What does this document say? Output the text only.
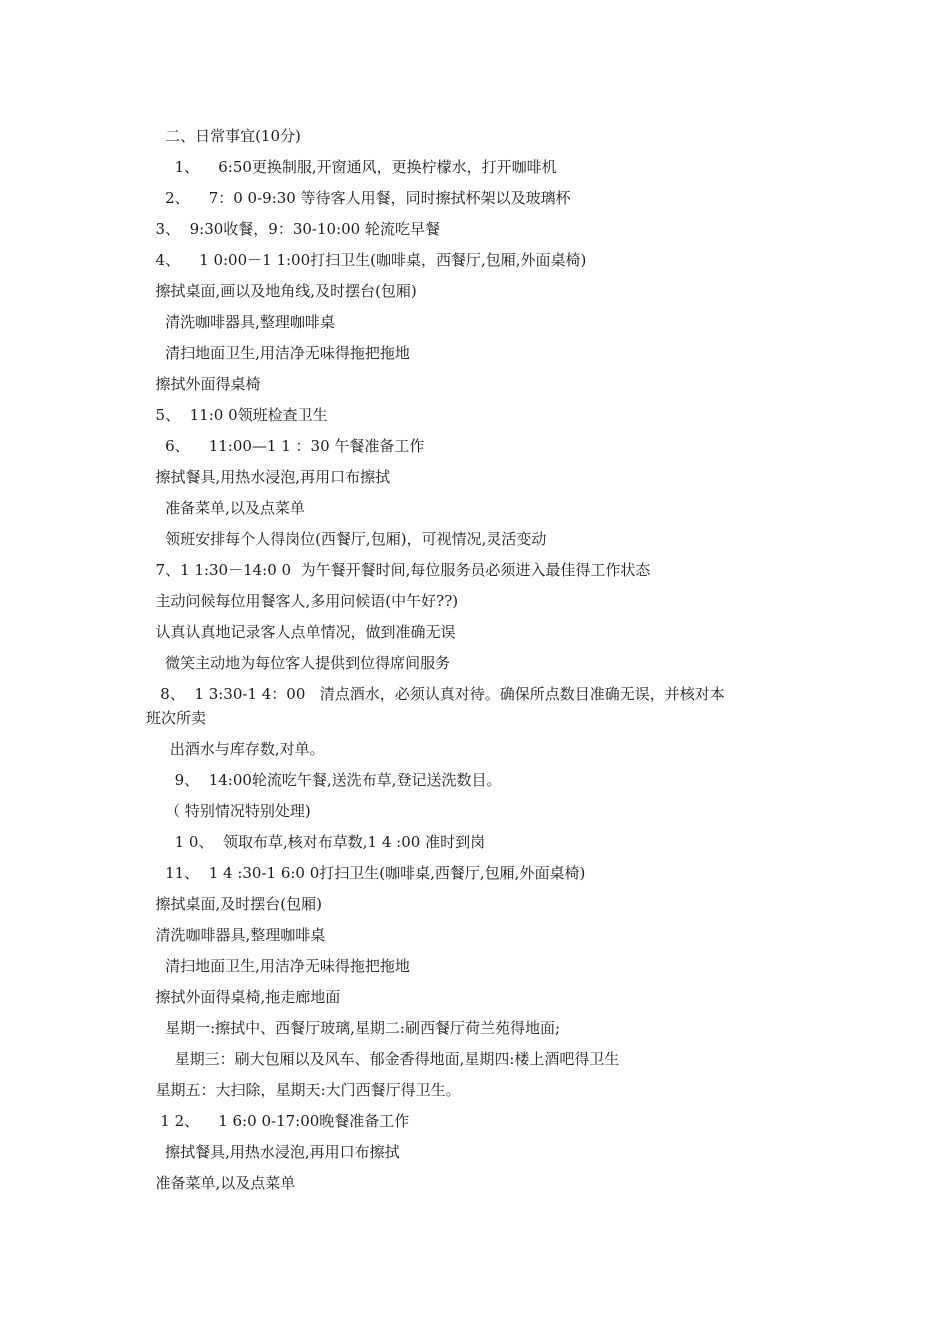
二、日常事宜(10分)

1、    6:50更换制服,开窗通风，更换柠檬水，打开咖啡机

2、    7：0 0‐9:30 等待客人用餐，同时擦拭杯架以及玻璃杯

3、  9:30收餐，9：30-10:00 轮流吃早餐

4、    1 0:00－1 1:00打扫卫生(咖啡桌，西餐厅,包厢,外面桌椅)

擦拭桌面,画以及地角线,及时摆台(包厢)

清洗咖啡器具,整理咖啡桌

清扫地面卫生,用洁净无味得拖把拖地

擦拭外面得桌椅

5、  11:0 0领班检查卫生

6、    11:00—1 1 ：30 午餐准备工作

擦拭餐具,用热水浸泡,再用口布擦拭

准备菜单,以及点菜单

领班安排每个人得岗位(西餐厅,包厢)，可视情况,灵活变动

7、1 1:30－14:0 0  为午餐开餐时间,每位服务员必须进入最佳得工作状态

主动问候每位用餐客人,多用问候语(中午好??)

认真认真地记录客人点单情况，做到准确无误

微笑主动地为每位客人提供到位得席间服务

8、  1 3:30-1 4：00   清点酒水，必须认真对待。确保所点数目准确无误，并核对本

班次所卖

出酒水与库存数,对单。

9、  14:00轮流吃午餐,送洗布草,登记送洗数目。

（ 特别情况特别处理)

1 0、  领取布草,核对布草数,1 4 :00 准时到岗

11、  1 4 :30-1 6:0 0打扫卫生(咖啡桌,西餐厅,包厢,外面桌椅)

擦拭桌面,及时摆台(包厢)

清洗咖啡器具,整理咖啡桌

清扫地面卫生,用洁净无味得拖把拖地

擦拭外面得桌椅,拖走廊地面

星期一:擦拭中、西餐厅玻璃,星期二:刷西餐厅荷兰苑得地面;

星期三：刷大包厢以及风车、郁金香得地面,星期四:楼上酒吧得卫生

星期五：大扫除，星期天:大门西餐厅得卫生。

1 2、    1 6:0 0-17:00晚餐准备工作

擦拭餐具,用热水浸泡,再用口布擦拭

准备菜单,以及点菜单
